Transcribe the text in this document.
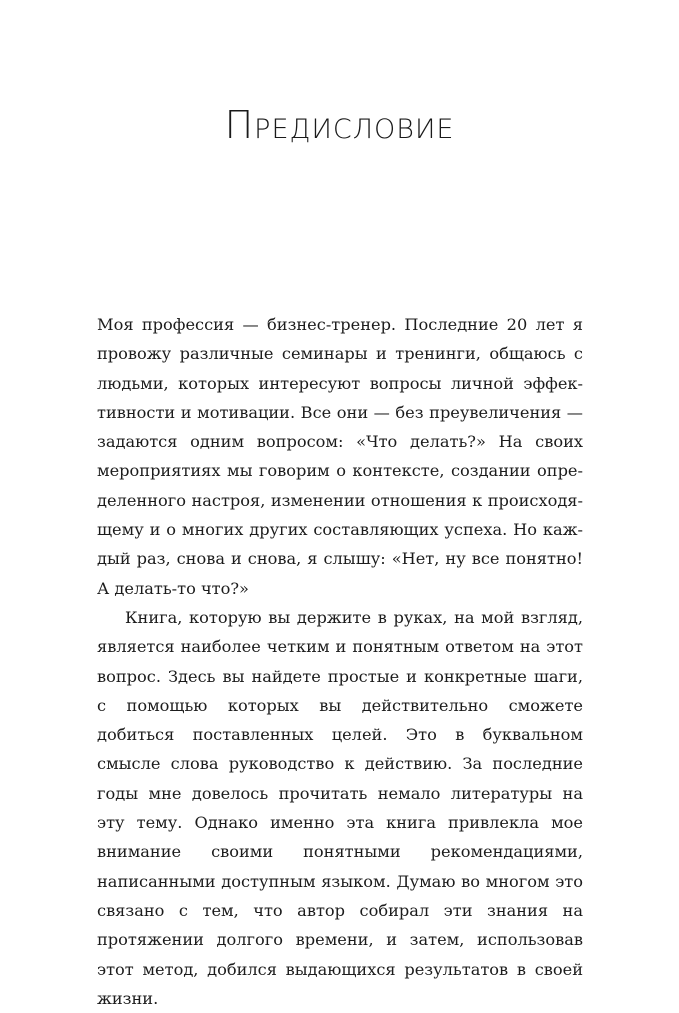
Предисловие

Моя профессия — бизнес-тренер. Последние 20 лет я провожу различные семинары и тренинги, общаюсь с людьми, которых интересуют вопросы личной эффективности и мотивации. Все они — без преувеличения — задаются одним вопросом: «Что делать?» На своих мероприятиях мы говорим о контексте, создании определенного настроя, изменении отношения к происходящему и о многих других составляющих успеха. Но каждый раз, снова и снова, я слышу: «Нет, ну все понятно! А делать-то что?»

Книга, которую вы держите в руках, на мой взгляд, является наиболее четким и понятным ответом на этот вопрос. Здесь вы найдете простые и конкретные шаги, с помощью которых вы действительно сможете добиться поставленных целей. Это в буквальном смысле слова руководство к действию. За последние годы мне довелось прочитать немало литературы на эту тему. Однако именно эта книга привлекла мое внимание своими понятными рекомендациями, написанными доступным языком. Думаю во многом это связано с тем, что автор собирал эти знания на протяжении долгого времени, и затем, использовав этот метод, добился выдающихся результатов в своей жизни.
